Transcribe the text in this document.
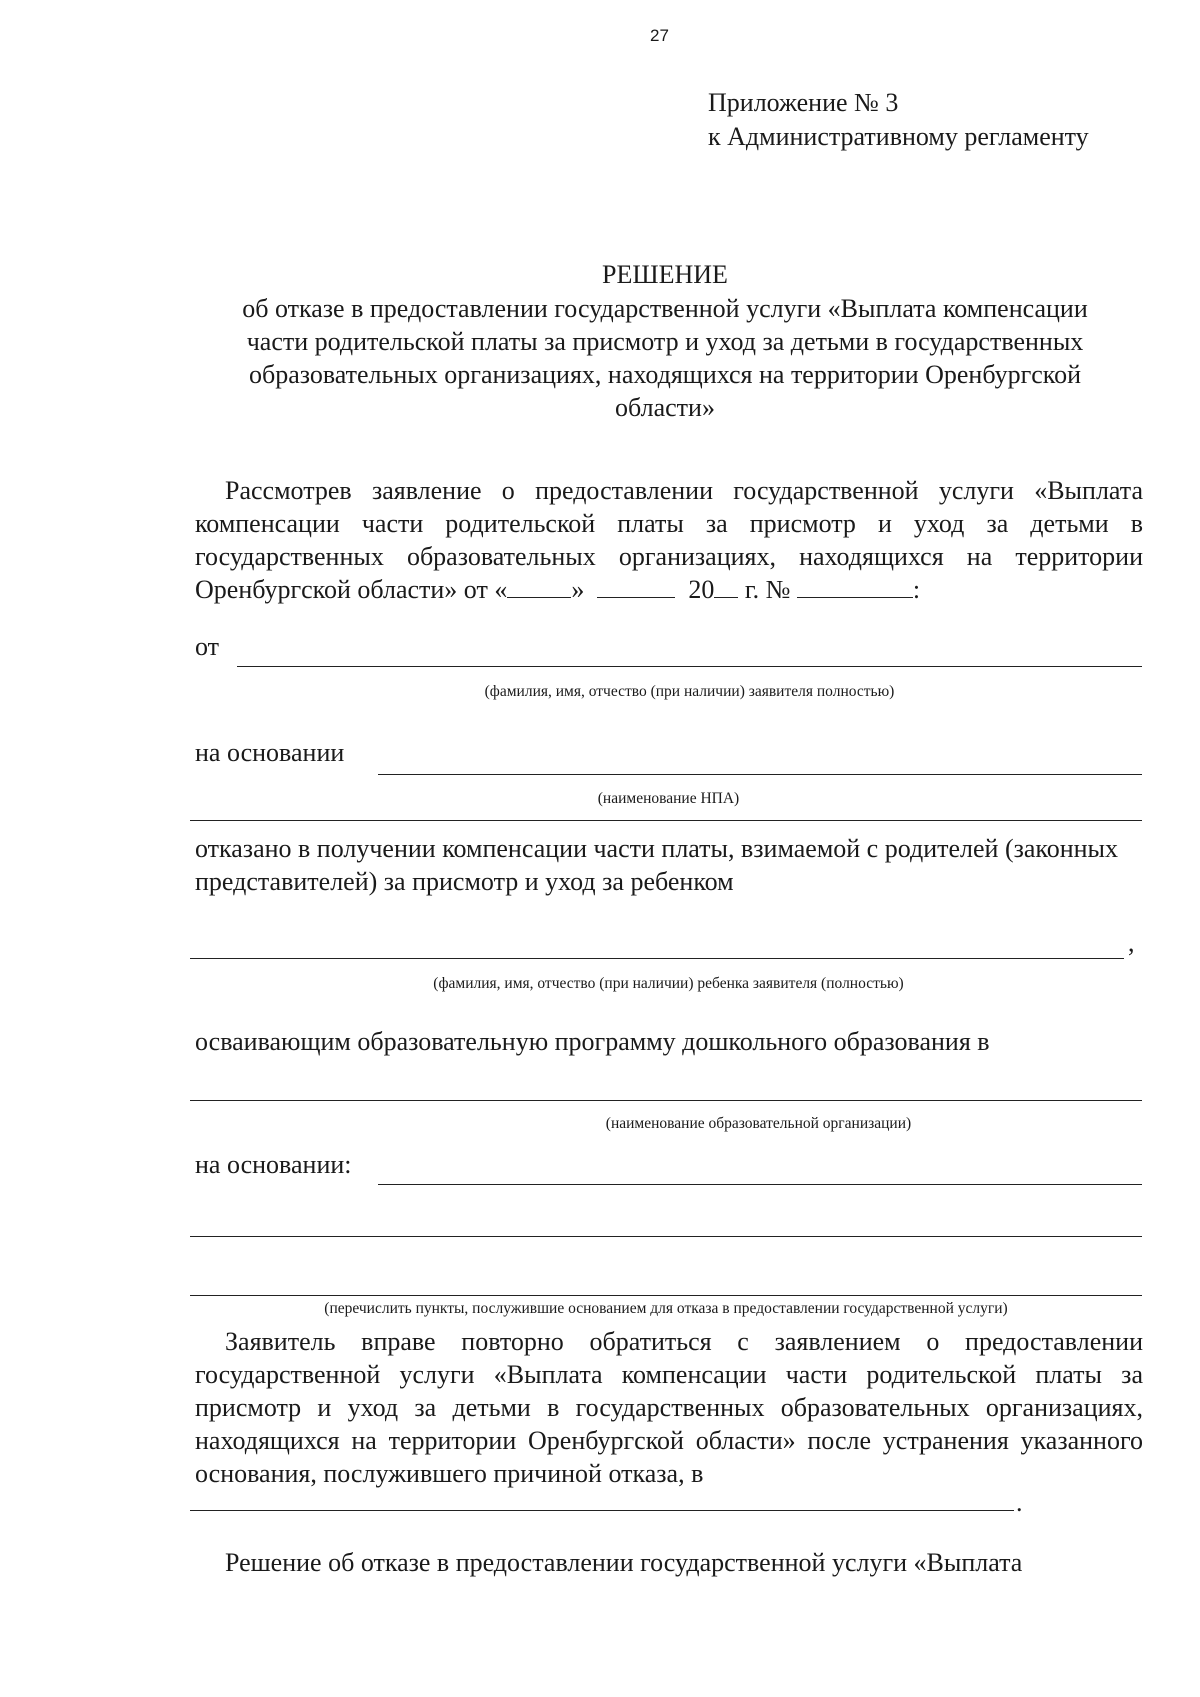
27
Приложение № 3
к Административному регламенту
РЕШЕНИЕ
об отказе в предоставлении государственной услуги «Выплата компенсации
части родительской платы за присмотр и уход за детьми в государственных
образовательных организациях, находящихся на территории Оренбургской
области»
Рассмотрев заявление о предоставлении государственной услуги «Выплата компенсации части родительской платы за присмотр и уход за детьми в государственных образовательных организациях, находящихся на территории Оренбургской области» от « »	20 г. №	:
от
(фамилия, имя, отчество (при наличии) заявителя полностью)
на основании
(наименование НПА)
отказано в получении компенсации части платы, взимаемой с родителей (законных представителей) за присмотр и уход за ребенком
,
(фамилия, имя, отчество (при наличии) ребенка заявителя (полностью)
осваивающим образовательную программу дошкольного образования в
(наименование образовательной организации)
на основании:
(перечислить пункты, послужившие основанием для отказа в предоставлении государственной услуги)
Заявитель вправе повторно обратиться с заявлением о предоставлении государственной услуги «Выплата компенсации части родительской платы за присмотр и уход за детьми в государственных образовательных организациях, находящихся на территории Оренбургской области» после устранения указанного основания, послужившего причиной отказа, в
.
Решение об отказе в предоставлении государственной услуги «Выплата
